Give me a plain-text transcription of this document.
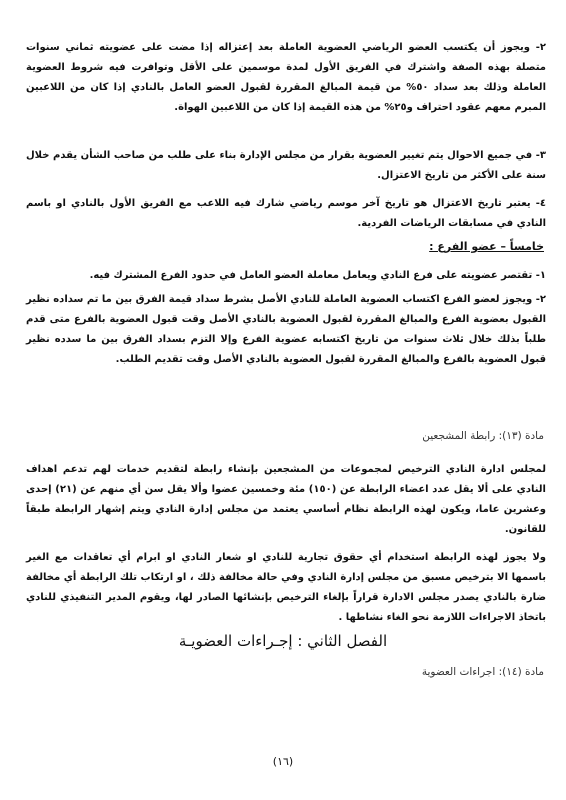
٢- ويجوز أن يكتسب العضو الرياضي العضوية العاملة بعد إعتزاله إذا مضت على عضويته ثماني سنوات متصلة بهذه الصفة واشترك في الفريق الأول لمدة موسمين على الأقل وتوافرت فيه شروط العضوية العاملة وذلك بعد سداد ٥٠% من قيمة المبالغ المقررة لقبول العضو العامل بالنادي إذا كان من اللاعبين المبرم معهم عقود احتراف و٢٥% من هذه القيمة إذا كان من اللاعبين الهواة.

٣- في جميع الاحوال يتم تغيير العضوية بقرار من مجلس الإدارة بناء على طلب من صاحب الشأن يقدم خلال سنة على الأكثر من تاريخ الاعتزال.

٤- يعتبر تاريخ الاعتزال هو تاريخ آخر موسم رياضي شارك فيه اللاعب مع الفريق الأول بالنادي او باسم النادي في مسابقات الرياضات الفردية.

خامساً – عضو الفرع :

١- تقتصر عضويته على فرع النادي ويعامل معاملة العضو العامل في حدود الفرع المشترك فيه.

٢- ويجوز لعضو الفرع اكتساب العضوية العاملة للنادي الأصل بشرط سداد قيمة الفرق بين ما تم سداده نظير القبول بعضوية الفرع والمبالغ المقررة لقبول العضوية بالنادي الأصل وقت قبول العضوية بالفرع متى قدم طلباً بذلك خلال ثلاث سنوات من تاريخ اكتسابه عضوية الفرع وإلا التزم بسداد الفرق بين ما سدده نظير قبول العضوية بالفرع والمبالغ المقررة لقبول العضوية بالنادي الأصل وقت تقديم الطلب.

مادة (١٣): رابطة المشجعين

لمجلس ادارة النادي الترخيص لمجموعات من المشجعين بإنشاء رابطة لتقديم خدمات لهم تدعم اهداف النادي على ألا يقل عدد اعضاء الرابطة عن (١٥٠) مئة وخمسين عضوا وألا يقل سن أي منهم عن (٢١) إحدى وعشرين عاما، ويكون لهذه الرابطة نظام أساسي يعتمد من مجلس إدارة النادي ويتم إشهار الرابطة طبقاً للقانون.

ولا يجوز لهذه الرابطة استخدام أي حقوق تجارية للنادي او شعار النادي او ابرام أي تعاقدات مع الغير باسمها الا بترخيص مسبق من مجلس إدارة النادي وفي حالة مخالفة ذلك ، او ارتكاب تلك الرابطة أي مخالفة ضارة بالنادي يصدر مجلس الادارة قراراً بإلغاء الترخيص بإنشائها الصادر لها، ويقوم المدير التنفيذي للنادي باتخاذ الاجراءات اللازمة نحو الغاء نشاطها .

الفصل الثاني : إجـراءات العضويـة
مادة (١٤): اجراءات العضوية
(١٦)
